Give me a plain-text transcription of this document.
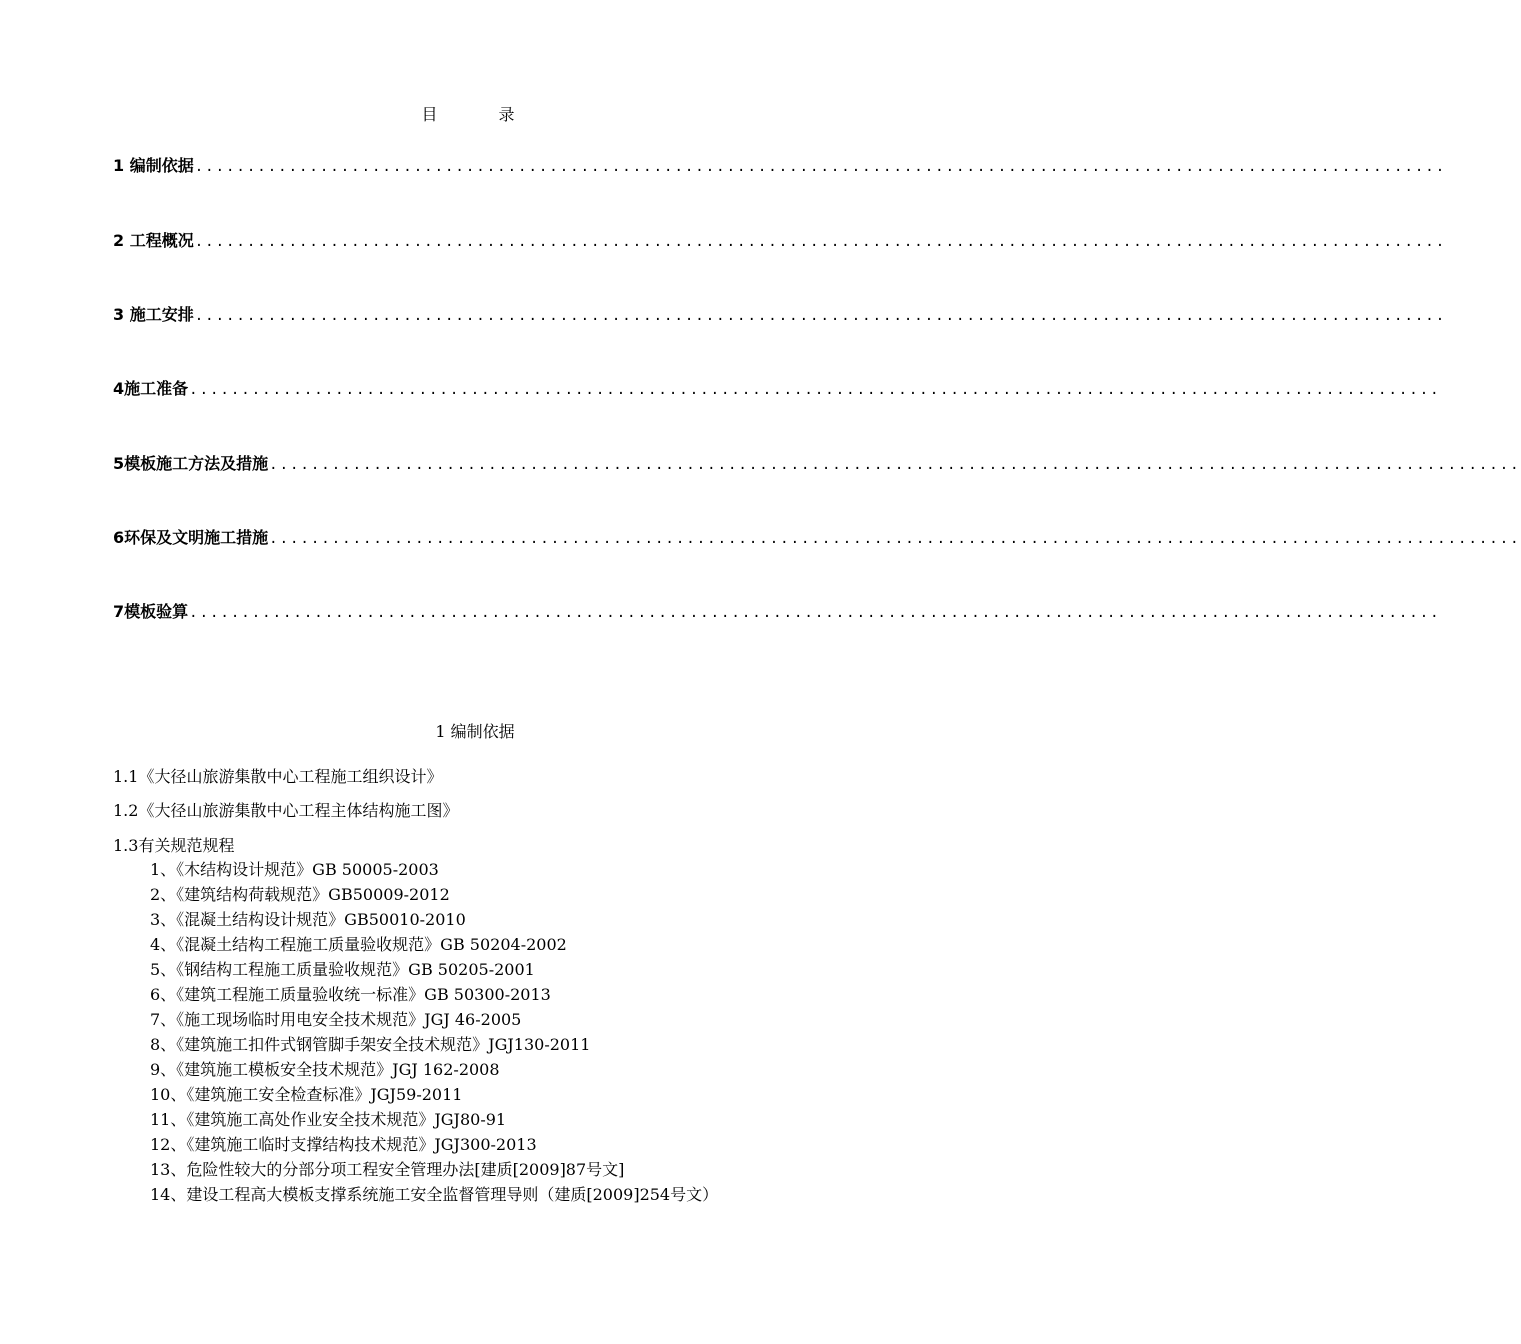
目 录
1 编制依据 ........................................................................................................................
2 工程概况 ........................................................................................................................
3 施工安排 ........................................................................................................................
4施工准备 ........................................................................................................................
5模板施工方法及措施 ........................................................................................................................
6环保及文明施工措施 ........................................................................................................................
7模板验算 ........................................................................................................................
1 编制依据
1.1《大径山旅游集散中心工程施工组织设计》
1.2《大径山旅游集散中心工程主体结构施工图》
1.3有关规范规程
1、《木结构设计规范》GB 50005-2003
2、《建筑结构荷载规范》GB50009-2012
3、《混凝土结构设计规范》GB50010-2010
4、《混凝土结构工程施工质量验收规范》GB 50204-2002
5、《钢结构工程施工质量验收规范》GB 50205-2001
6、《建筑工程施工质量验收统一标准》GB 50300-2013
7、《施工现场临时用电安全技术规范》JGJ 46-2005
8、《建筑施工扣件式钢管脚手架安全技术规范》JGJ130-2011
9、《建筑施工模板安全技术规范》JGJ 162-2008
10、《建筑施工安全检查标准》JGJ59-2011
11、《建筑施工高处作业安全技术规范》JGJ80-91
12、《建筑施工临时支撑结构技术规范》JGJ300-2013
13、危险性较大的分部分项工程安全管理办法[建质[2009]87号文]
14、建设工程高大模板支撑系统施工安全监督管理导则（建质[2009]254号文）
